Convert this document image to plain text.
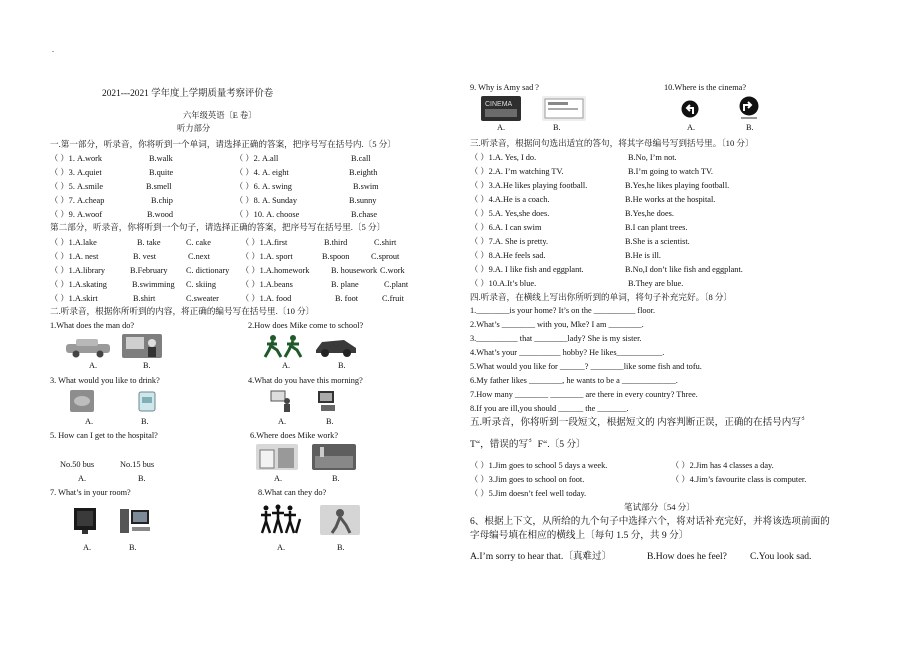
.
2021---2021 学年度上学期质量考察评价卷
六年级英语〔E 卷〕
听力部分
一.第一部分，听录音，你将听到一个单词，请选择正确的答案，把序号写在括号内.〔5 分〕
（ ）1. A.work	B.walk	（ ）2. A.all	B.call
（ ）3. A.quiet	B.quite	（ ）4. A. eight	B.eighth
（ ）5. A.smile	B.smell	（ ）6. A. swing	B.swim
（ ）7. A.cheap	B.chip	（ ）8. A. Sunday	B.sunny
（ ）9. A.woof	B.wood	（ ）10. A. choose	B.chase
第二部分，听录音，你将听到一个句子，请选择正确的答案，把序号写在括号里.〔5 分〕
（ ）1.A.lake	B. take	C. cake	（ ）1.A.first	B.third	C.shirt
（ ）1.A. nest	B. vest	C.next	（ ）1.A. sport	B.spoon	C.sprout
（ ）1.A.library	B.February C. dictionary （ ）1.A.homework	B. housework C.work
（ ）1.A.skating	B.swimming C. skiing	（ ）1.A.beans	B. plane	C.plant
（ ）1.A.skirt	B.shirt	C.sweater	（ ）1.A. food	B. foot	C.fruit
二.听录音，根据你所听到的内容，将正确的编号写在括号里.〔10 分〕
1.What does the man do?	2.How does Mike come to school?
A.	B.	A.	B.
3. What would you like to drink?	4.What do you have this morning?
A.	B.	A.	B.
5. How can I get to the hospital?	6.Where does Mike work?
No.50 bus	No.15 bus
A.	B.	A.	B.
7. What’s in your room?	8.What can they do?
A.	B.	A.	B.
9. Why is Amy sad ?	10.Where is the cinema?
CINEMA
A.	B.	A.	B.
三.听录音，根据问句选出适宜的答句，将其字母编号写到括号里。〔10 分〕
（ ）1.A. Yes, I do.	B.No, I’m not.
（ ）2.A. I’m watching TV.	B.I’m going to watch TV.
（ ）3.A.He likes playing football.	B.Yes,he likes playing football.
（ ）4.A.He is a coach.	B.He works at the hospital.
（ ）5.A. Yes,she does.	B.Yes,he does.
（ ）6.A. I can swim	B.I can plant trees.
（ ）7.A. She is pretty.	B.She is a scientist.
（ ）8.A.He feels sad.	B.He is ill.
（ ）9.A. I like fish and eggplant.	B.No,I don’t like fish and eggplant.
（ ）10.A.It’s blue.	B.They are blue.
四.听录音，在横线上写出你所听到的单词，将句子补充完好。〔8 分〕
1.________is your home? It’s on the __________ floor.
2.What’s ________ with you, Mke? I am ________.
3.__________ that ________lady? She is my sister.
4.What’s your __________ hobby? He likes___________.
5.What would you like for ______? ________like some fish and tofu.
6.My father likes ________, he wants to be a _____________.
7.How many ________ ________ are there in every country? Three.
8.If you are ill,you should ______ the _______.
五.听录音，你将听到一段短文，根据短文的 内容判断正误，正确的在括号内写〞
T“，错误的写〞F“.〔5 分〕
（ ）1.Jim goes to school 5 days a week.	（ ）2.Jim has 4 classes a day.
（ ）3.Jim goes to school on foot.	（ ）4.Jim’s favourite class is computer.
（ ）5.Jim doesn’t feel well today.
笔试部分〔54 分〕
6、根据上下文，从所给的九个句子中选择六个，将对话补充完好，并将该选项前面的
字母编号填在相应的横线上〔每句 1.5 分，共 9 分〕
A.I’m sorry to hear that.〔真难过〕	B.How does he feel? C.You look sad.
